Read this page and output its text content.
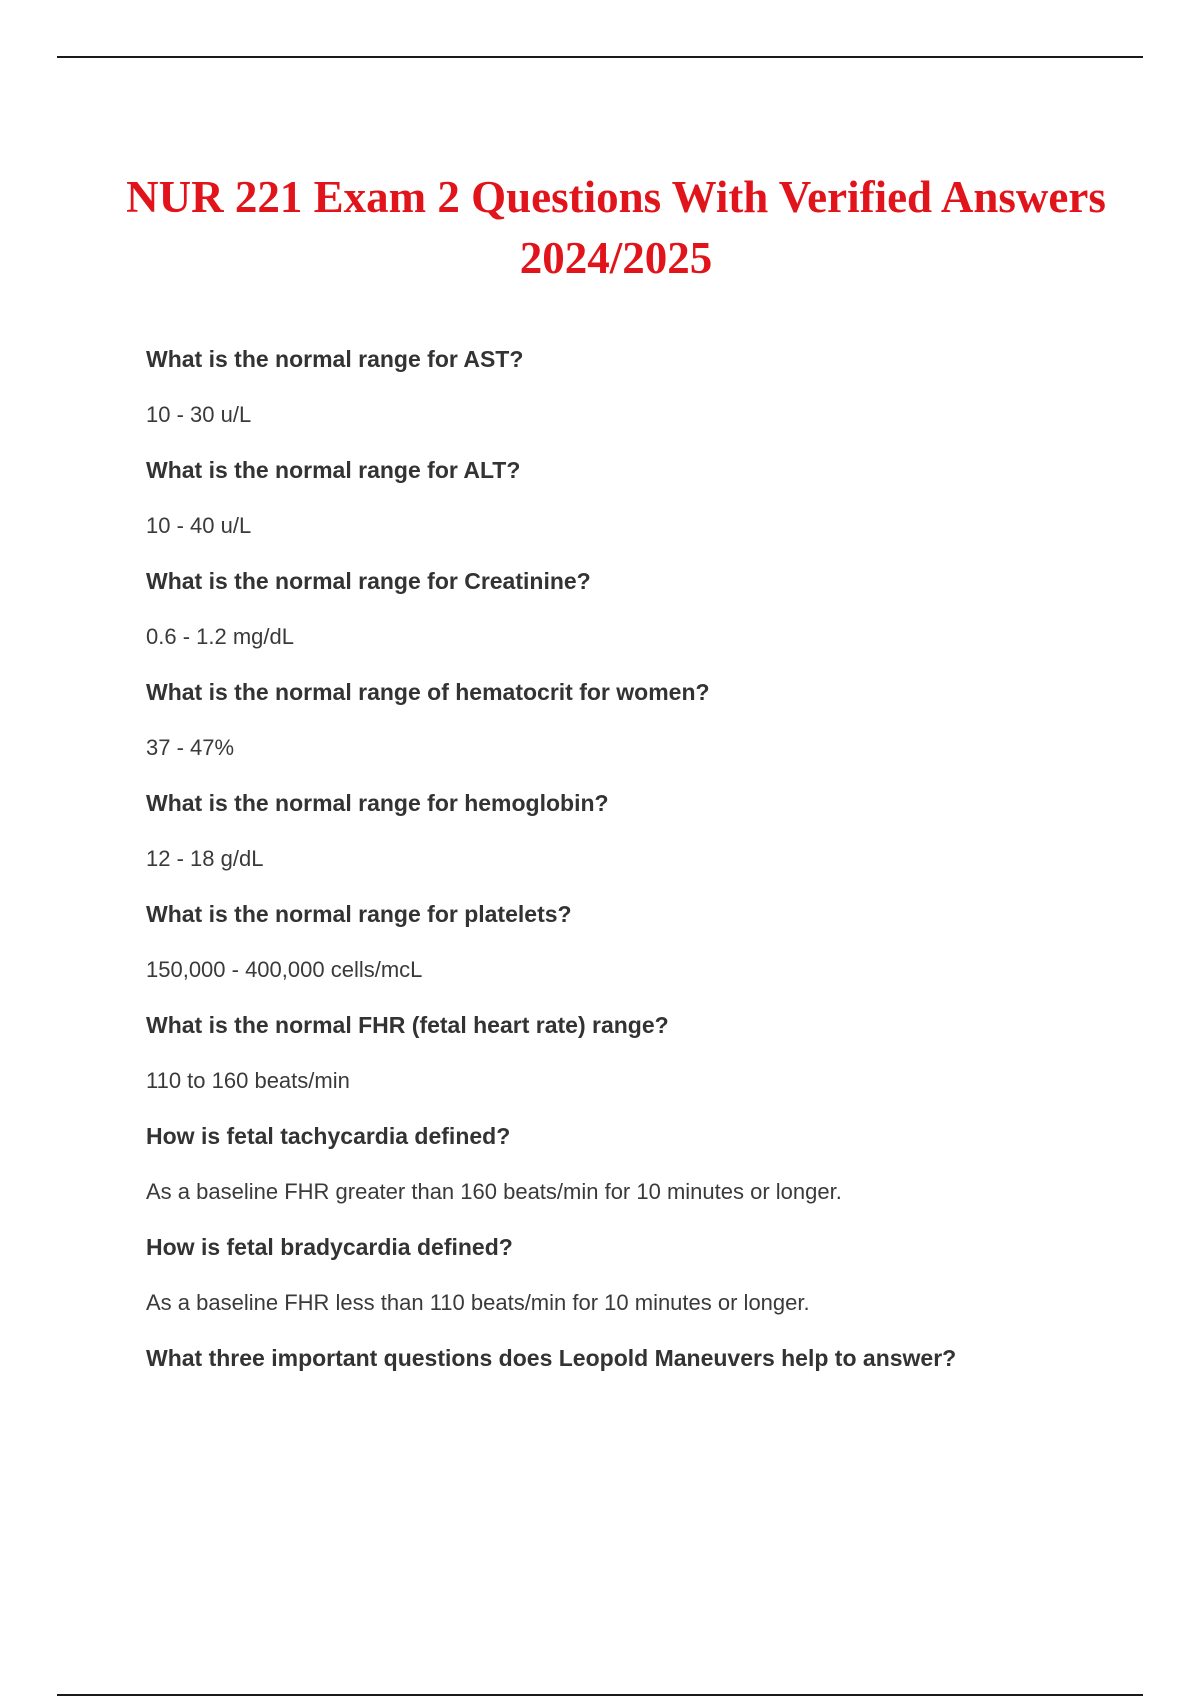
NUR 221 Exam 2 Questions With Verified Answers 2024/2025
What is the normal range for AST?
10 - 30 u/L
What is the normal range for ALT?
10 - 40 u/L
What is the normal range for Creatinine?
0.6 - 1.2 mg/dL
What is the normal range of hematocrit for women?
37 - 47%
What is the normal range for hemoglobin?
12 - 18 g/dL
What is the normal range for platelets?
150,000 - 400,000 cells/mcL
What is the normal FHR (fetal heart rate) range?
110 to 160 beats/min
How is fetal tachycardia defined?
As a baseline FHR greater than 160 beats/min for 10 minutes or longer.
How is fetal bradycardia defined?
As a baseline FHR less than 110 beats/min for 10 minutes or longer.
What three important questions does Leopold Maneuvers help to answer?
